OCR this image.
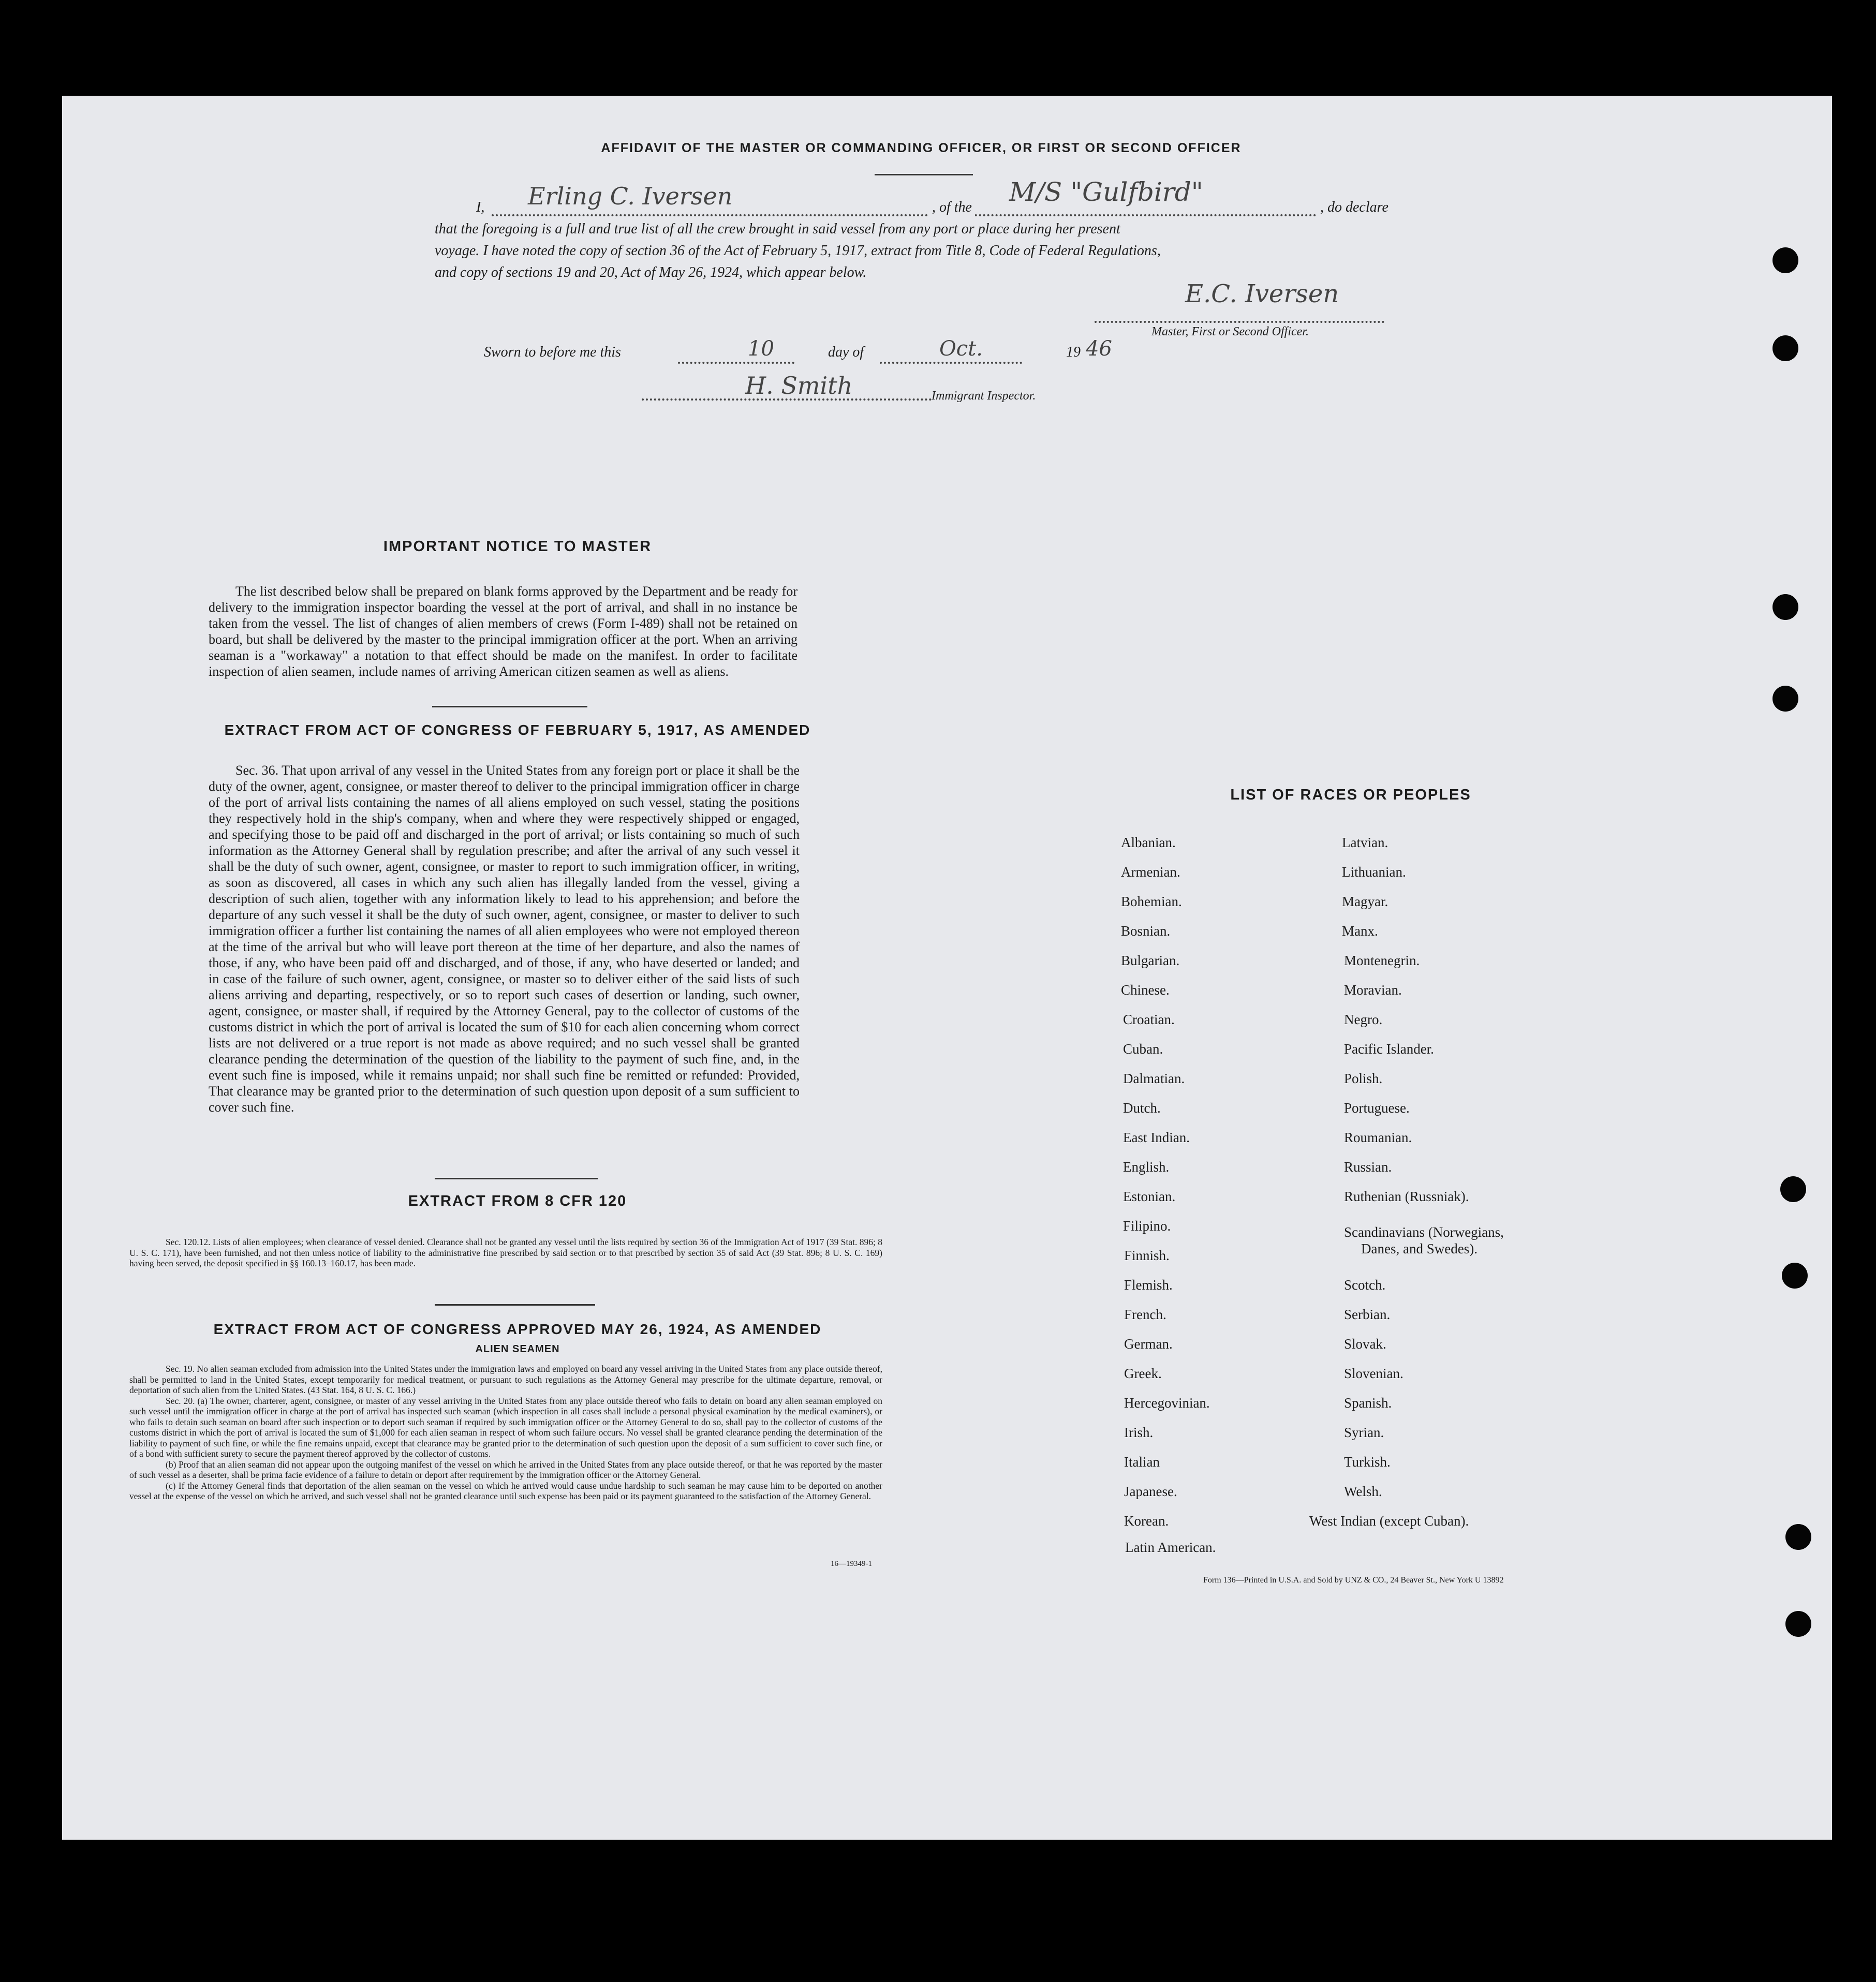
AFFIDAVIT OF THE MASTER OR COMMANDING OFFICER, OR FIRST OR SECOND OFFICER
I, Erling C. Iversen	, of the
M/S "Gulfbird"
, do declare
that the foregoing is a full and true list of all the crew brought in said vessel from any port or place during her present
voyage. I have noted the copy of section 36 of the Act of February 5, 1917, extract from Title 8, Code of Federal Regulations,
and copy of sections 19 and 20, Act of May 26, 1924, which appear below.
E.C. Iversen
Master, First or Second Officer.
Sworn to before me this	10	day of	Oct.	19 46
H. Smith	Immigrant Inspector.
IMPORTANT NOTICE TO MASTER
The list described below shall be prepared on blank forms approved by the Department and be ready for delivery to the immigration inspector boarding the vessel at the port of arrival, and shall in no instance be taken from the vessel. The list of changes of alien members of crews (Form I-489) shall not be retained on board, but shall be delivered by the master to the principal immigration officer at the port. When an arriving seaman is a "workaway" a notation to that effect should be made on the manifest. In order to facilitate inspection of alien seamen, include names of arriving American citizen seamen as well as aliens.
EXTRACT FROM ACT OF CONGRESS OF FEBRUARY 5, 1917, AS AMENDED
Sec. 36. That upon arrival of any vessel in the United States from any foreign port or place it shall be the duty of the owner, agent, consignee, or master thereof to deliver to the principal immigration officer in charge of the port of arrival lists containing the names of all aliens employed on such vessel, stating the positions they respectively hold in the ship's company, when and where they were respectively shipped or engaged, and specifying those to be paid off and discharged in the port of arrival; or lists containing so much of such information as the Attorney General shall by regulation prescribe; and after the arrival of any such vessel it shall be the duty of such owner, agent, consignee, or master to report to such immigration officer, in writing, as soon as discovered, all cases in which any such alien has illegally landed from the vessel, giving a description of such alien, together with any information likely to lead to his apprehension; and before the departure of any such vessel it shall be the duty of such owner, agent, consignee, or master to deliver to such immigration officer a further list containing the names of all alien employees who were not employed thereon at the time of the arrival but who will leave port thereon at the time of her departure, and also the names of those, if any, who have been paid off and discharged, and of those, if any, who have deserted or landed; and in case of the failure of such owner, agent, consignee, or master so to deliver either of the said lists of such aliens arriving and departing, respectively, or so to report such cases of desertion or landing, such owner, agent, consignee, or master shall, if required by the Attorney General, pay to the collector of customs of the customs district in which the port of arrival is located the sum of $10 for each alien concerning whom correct lists are not delivered or a true report is not made as above required; and no such vessel shall be granted clearance pending the determination of the question of the liability to the payment of such fine, and, in the event such fine is imposed, while it remains unpaid; nor shall such fine be remitted or refunded: Provided, That clearance may be granted prior to the determination of such question upon deposit of a sum sufficient to cover such fine.
EXTRACT FROM 8 CFR 120
Sec. 120.12. Lists of alien employees; when clearance of vessel denied. Clearance shall not be granted any vessel until the lists required by section 36 of the Immigration Act of 1917 (39 Stat. 896; 8 U. S. C. 171), have been furnished, and not then unless notice of liability to the administrative fine prescribed by said section or to that prescribed by section 35 of said Act (39 Stat. 896; 8 U. S. C. 169) having been served, the deposit specified in §§ 160.13–160.17, has been made.
EXTRACT FROM ACT OF CONGRESS APPROVED MAY 26, 1924, AS AMENDED
ALIEN SEAMEN
Sec. 19. No alien seaman excluded from admission into the United States under the immigration laws and employed on board any vessel arriving in the United States from any place outside thereof, shall be permitted to land in the United States, except temporarily for medical treatment, or pursuant to such regulations as the Attorney General may prescribe for the ultimate departure, removal, or deportation of such alien from the United States. (43 Stat. 164, 8 U. S. C. 166.)
Sec. 20. (a) The owner, charterer, agent, consignee, or master of any vessel arriving in the United States from any place outside thereof who fails to detain on board any alien seaman employed on such vessel until the immigration officer in charge at the port of arrival has inspected such seaman (which inspection in all cases shall include a personal physical examination by the medical examiners), or who fails to detain such seaman on board after such inspection or to deport such seaman if required by such immigration officer or the Attorney General to do so, shall pay to the collector of customs of the customs district in which the port of arrival is located the sum of $1,000 for each alien seaman in respect of whom such failure occurs. No vessel shall be granted clearance pending the determination of the liability to payment of such fine, or while the fine remains unpaid, except that clearance may be granted prior to the determination of such question upon the deposit of a sum sufficient to cover such fine, or of a bond with sufficient surety to secure the payment thereof approved by the collector of customs.
(b) Proof that an alien seaman did not appear upon the outgoing manifest of the vessel on which he arrived in the United States from any place outside thereof, or that he was reported by the master of such vessel as a deserter, shall be prima facie evidence of a failure to detain or deport after requirement by the immigration officer or the Attorney General.
(c) If the Attorney General finds that deportation of the alien seaman on the vessel on which he arrived would cause undue hardship to such seaman he may cause him to be deported on another vessel at the expense of the vessel on which he arrived, and such vessel shall not be granted clearance until such expense has been paid or its payment guaranteed to the satisfaction of the Attorney General.
16—19349-1
LIST OF RACES OR PEOPLES
Albanian.
Armenian.
Bohemian.
Bosnian.
Bulgarian.
Chinese.
Croatian.
Cuban.
Dalmatian.
Dutch.
East Indian.
English.
Estonian.
Filipino.
Finnish.
Flemish.
French.
German.
Greek.
Hercegovinian.
Irish.
Italian
Japanese.
Korean.
Latin American.
Latvian.
Lithuanian.
Magyar.
Manx.
Montenegrin.
Moravian.
Negro.
Pacific Islander.
Polish.
Portuguese.
Roumanian.
Russian.
Ruthenian (Russniak).
Scandinavians (Norwegians,
Danes, and Swedes).
Scotch.
Serbian.
Slovak.
Slovenian.
Spanish.
Syrian.
Turkish.
Welsh.
West Indian (except Cuban).
Form 136—Printed in U.S.A. and Sold by UNZ & CO., 24 Beaver St., New York U 13892
